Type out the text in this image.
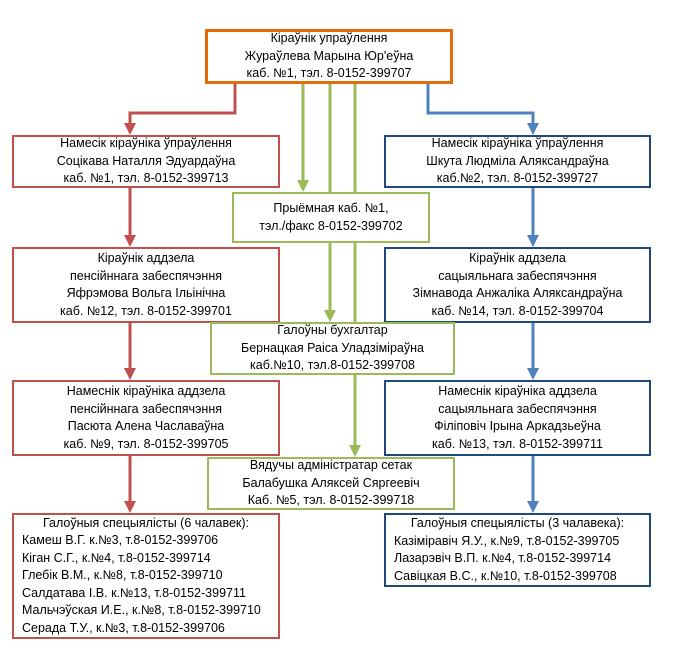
Кіраўнік упраўлення
Жураўлева Марына Юр'еўна
каб. №1, тэл. 8-0152-399707
Намесік кіраўніка ўпраўлення
Соцікава Наталля Эдуардаўна
каб. №1, тэл. 8-0152-399713
Намесік кіраўніка ўпраўлення
Шкута Людміла Аляксандраўна
каб.№2, тэл. 8-0152-399727
Прыёмная каб. №1,
тэл./факс 8-0152-399702
Кіраўнік аддзела
пенсійннага забеспячэння
Яфрэмова Вольга Ільінічна
каб. №12, тэл. 8-0152-399701
Кіраўнік аддзела
сацыяльнага забеспячэння
Зімнавода Анжаліка Аляксандраўна
каб. №14, тэл. 8-0152-399704
Галоўны бухгалтар
Бернацкая Раіса Уладзіміраўна
каб.№10, тэл.8-0152-399708
Намеснік кіраўніка аддзела
пенсійннага забеспячэння
Пасюта Алена Чаславаўна
каб. №9, тэл. 8-0152-399705
Намеснік кіраўніка аддзела
сацыяльнага забеспячэння
Філіповіч Ірына Аркадзьеўна
каб. №13, тэл. 8-0152-399711
Вядучы адміністратар сетак
Балабушка Аляксей Сяргеевіч
Каб. №5, тэл. 8-0152-399718
Галоўныя спецыялісты (6 чалавек):
Камеш В.Г. к.№3, т.8-0152-399706
Кіган С.Г., к.№4, т.8-0152-399714
Глебік В.М., к.№8, т.8-0152-399710
Салдатава І.В. к.№13, т.8-0152-399711
Мальчэўская И.Е., к.№8, т.8-0152-399710
Серада Т.У., к.№3, т.8-0152-399706
Галоўныя спецыялісты (3 чалавека):
Казіміравіч Я.У., к.№9, т.8-0152-399705
Лазарэвіч В.П. к.№4, т.8-0152-399714
Савіцкая В.С., к.№10, т.8-0152-399708
